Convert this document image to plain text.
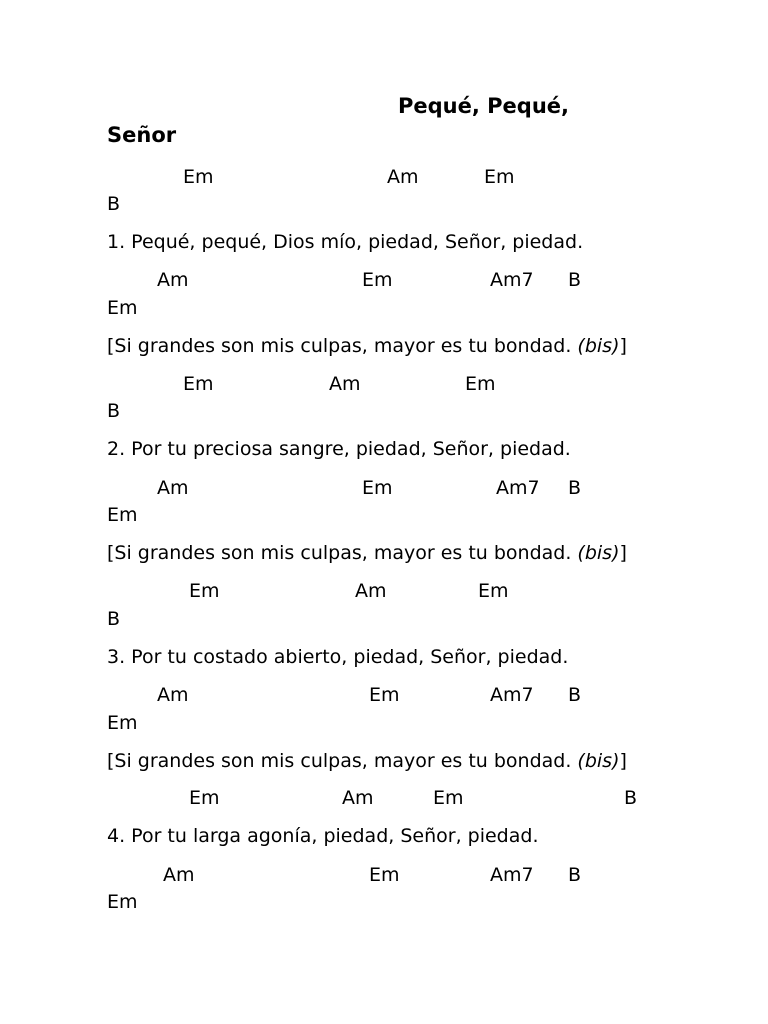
Pequé, Pequé,
Señor
Em	Am	Em
B
1. Pequé, pequé, Dios mío, piedad, Señor, piedad.
Am	Em	Am7 B
Em
[Si grandes son mis culpas, mayor es tu bondad. (bis)]
Em	Am	Em
B
2. Por tu preciosa sangre, piedad, Señor, piedad.
Am	Em	Am7 B
Em
[Si grandes son mis culpas, mayor es tu bondad. (bis)]
Em	Am	Em
B
3. Por tu costado abierto, piedad, Señor, piedad.
Am	Em	Am7 B
Em
[Si grandes son mis culpas, mayor es tu bondad. (bis)]
Em	Am	Em	B
4. Por tu larga agonía, piedad, Señor, piedad.
Am	Em	Am7 B
Em
